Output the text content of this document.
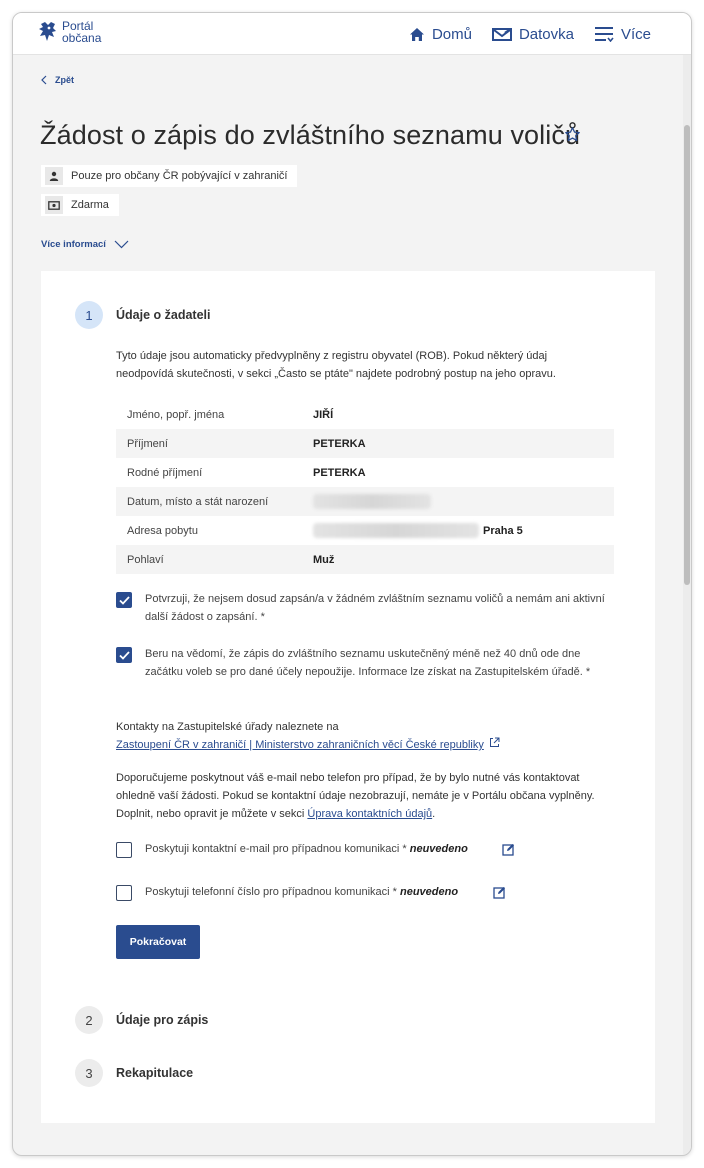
Portál
občana	Domů	Datovka	Více
Zpět
Žádost o zápis do zvláštního seznamu voličů
Pouze pro občany ČR pobývající v zahraničí
Zdarma
Více informací
1	Údaje o žadateli
Tyto údaje jsou automaticky předvyplněny z registru obyvatel (ROB). Pokud některý údaj neodpovídá skutečnosti, v sekci „Často se ptáte" najdete podrobný postup na jeho opravu.
Jméno, popř. jména	JIŘÍ
Příjmení	PETERKA
Rodné příjmení	PETERKA
Datum, místo a stát narození
Adresa pobytu	Praha 5
Pohlaví	Muž
Potvrzuji, že nejsem dosud zapsán/a v žádném zvláštním seznamu voličů a nemám ani aktivní další žádost o zapsání. *
Beru na vědomí, že zápis do zvláštního seznamu uskutečněný méně než 40 dnů ode dne začátku voleb se pro dané účely nepoužije. Informace lze získat na Zastupitelském úřadě. *
Kontakty na Zastupitelské úřady naleznete na
Zastoupení ČR v zahraničí | Ministerstvo zahraničních věcí České republiky
Doporučujeme poskytnout váš e-mail nebo telefon pro případ, že by bylo nutné vás kontaktovat ohledně vaší žádosti. Pokud se kontaktní údaje nezobrazují, nemáte je v Portálu občana vyplněny. Doplnit, nebo opravit je můžete v sekci Úprava kontaktních údajů.
Poskytuji kontaktní e-mail pro případnou komunikaci * neuvedeno
Poskytuji telefonní číslo pro případnou komunikaci * neuvedeno
Pokračovat
2	Údaje pro zápis
3	Rekapitulace
